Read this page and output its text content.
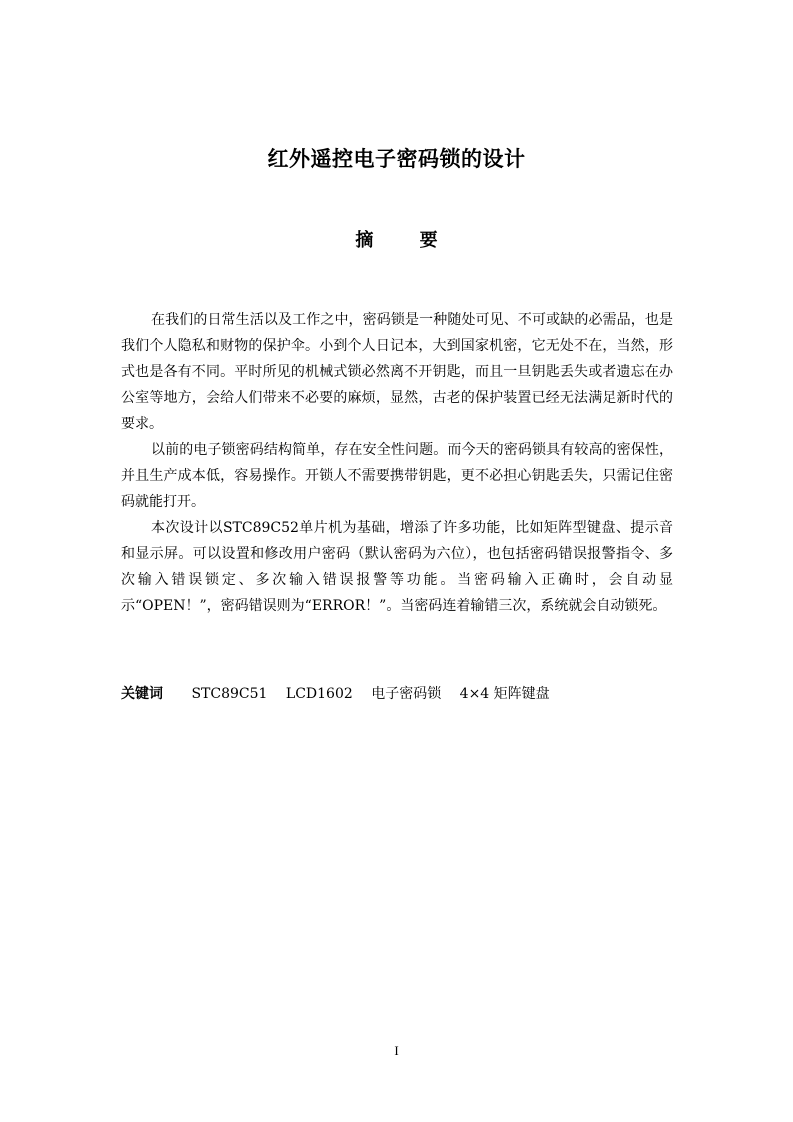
红外遥控电子密码锁的设计
摘 要

在我们的日常生活以及工作之中，密码锁是一种随处可见、不可或缺的必需品，也是我们个人隐私和财物的保护伞。小到个人日记本，大到国家机密，它无处不在，当然，形式也是各有不同。平时所见的机械式锁必然离不开钥匙，而且一旦钥匙丢失或者遗忘在办公室等地方，会给人们带来不必要的麻烦，显然，古老的保护装置已经无法满足新时代的要求。

以前的电子锁密码结构简单，存在安全性问题。而今天的密码锁具有较高的密保性，并且生产成本低，容易操作。开锁人不需要携带钥匙，更不必担心钥匙丢失，只需记住密码就能打开。

本次设计以STC89C52单片机为基础，增添了许多功能，比如矩阵型键盘、提示音和显示屏。可以设置和修改用户密码（默认密码为六位），也包括密码错误报警指令、多次输入错误锁定、多次输入错误报警等功能。当密码输入正确时，会自动显示“OPEN！”，密码错误则为“ERROR！”。当密码连着输错三次，系统就会自动锁死。

关键词 STC89C51 LCD1602 电子密码锁 4×4 矩阵键盘
I
